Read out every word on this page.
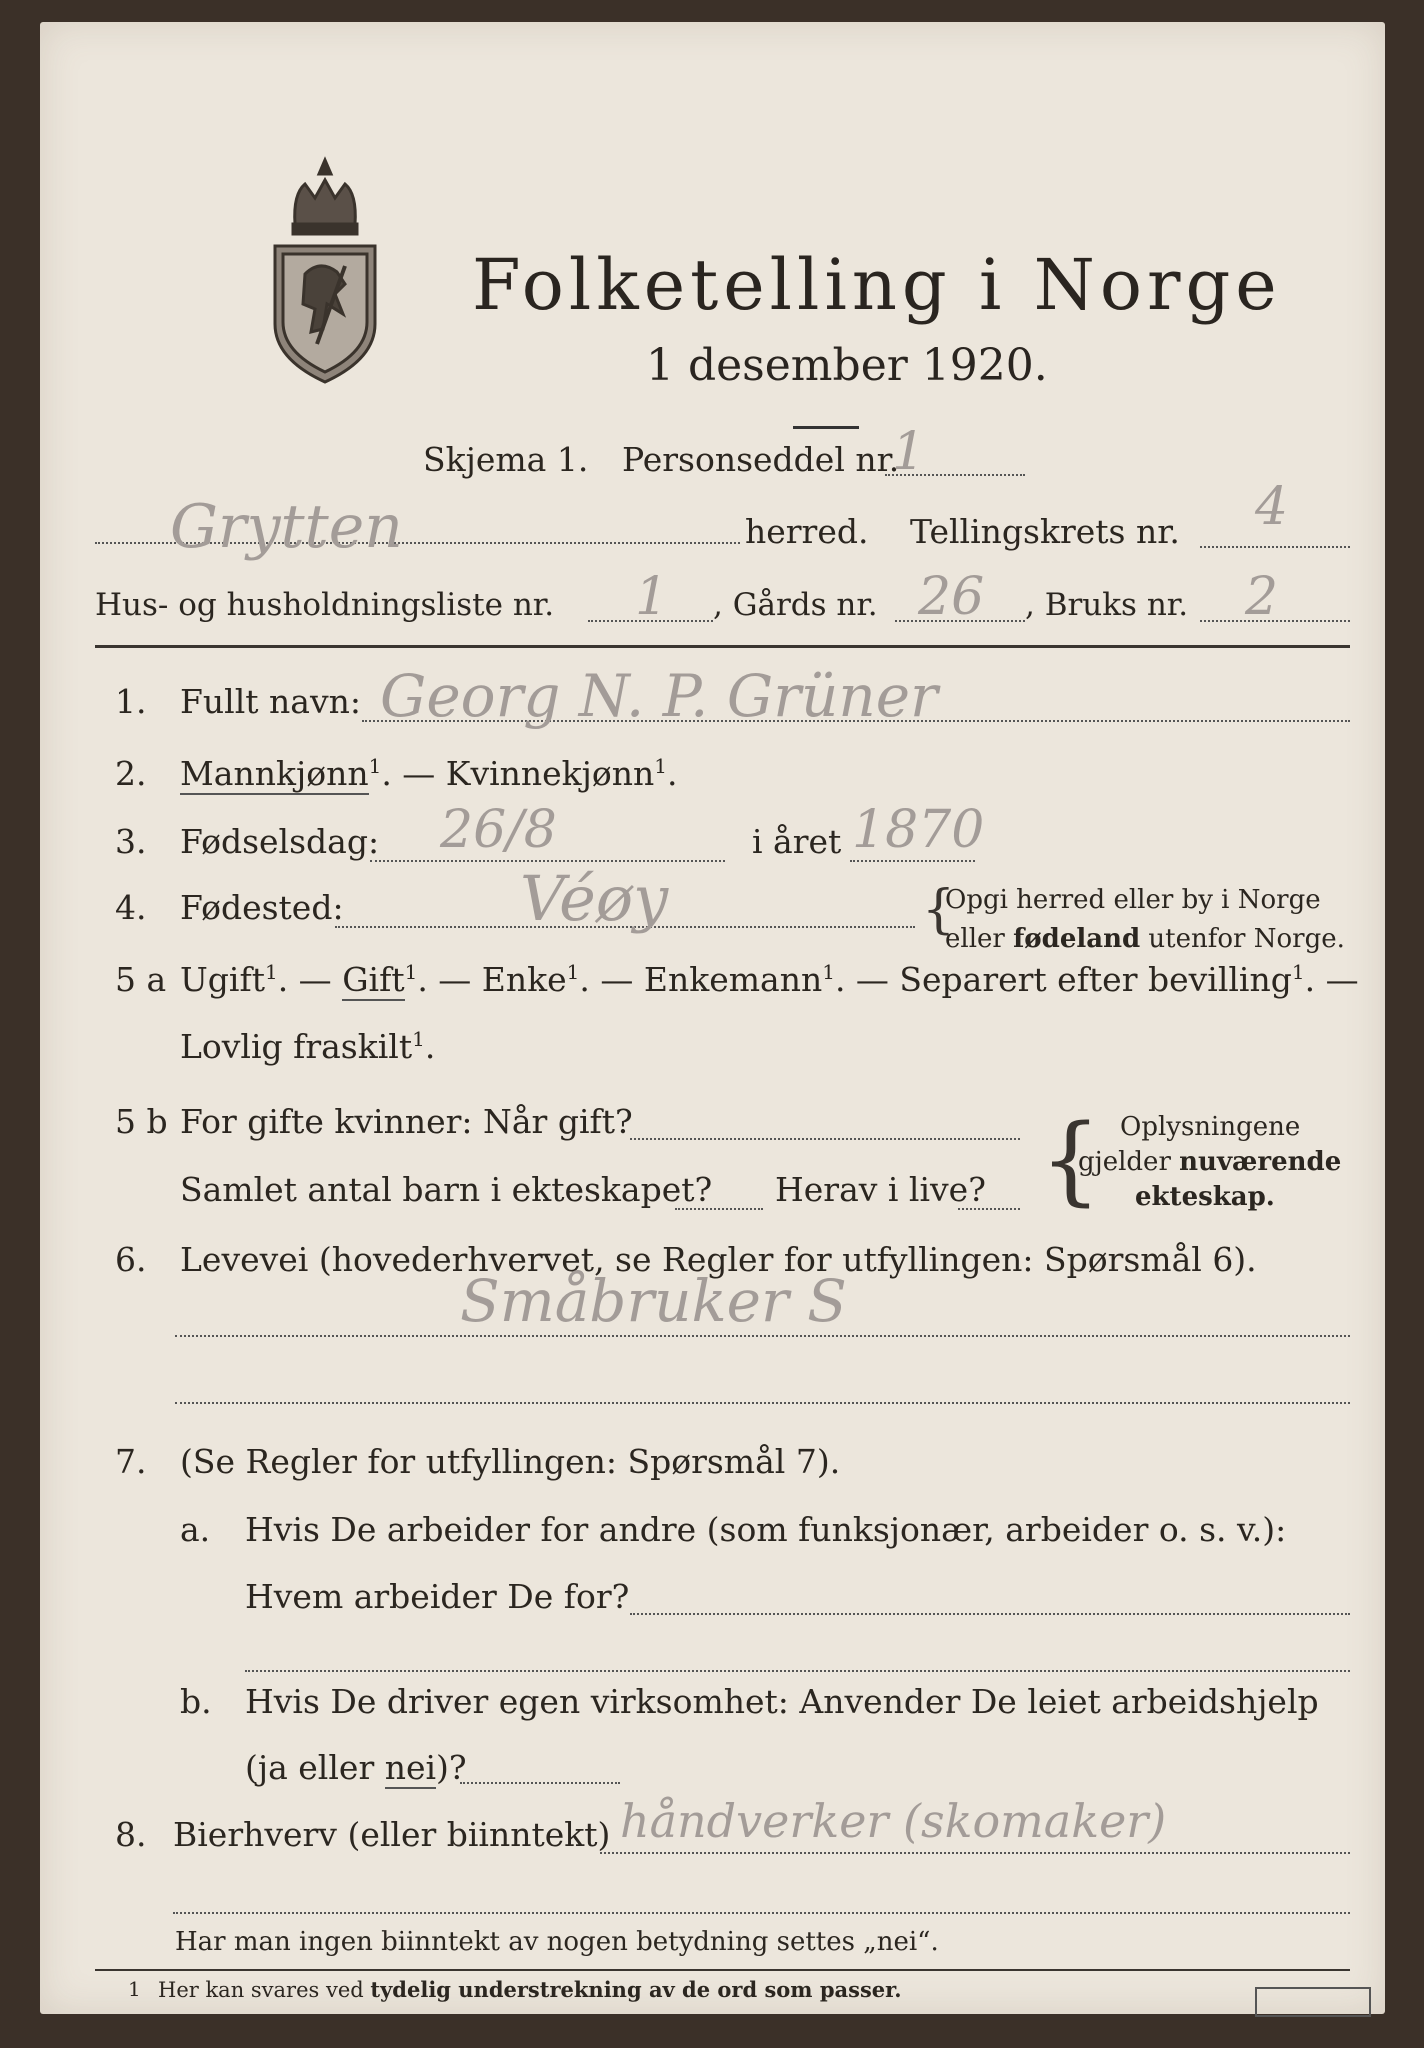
Folketelling i Norge
1 desember 1920.
Skjema 1. Personseddel nr.
1
Grytten	herred. Tellingskrets nr. 4
Hus- og husholdningsliste nr. 1 , Gårds nr. 26 , Bruks nr. 2
1. Fullt navn: Georg N. P. Grüner
2. Mannkjønn$^1$. — Kvinnekjønn$^1$.
3. Fødselsdag: 26/8	i året 1870
4. Fødested:	Véøy	{
Opgi herred eller by i Norge
eller fødeland utenfor Norge.
5 a Ugift$^1$. — Gift$^1$. — Enke$^1$. — Enkemann$^1$. — Separert efter bevilling$^1$. —
Lovlig fraskilt$^1$.
5 b For gifte kvinner: Når gift?
Samlet antal barn i ekteskapet? Herav i live? { Oplysningene
gjelder nuværende
ekteskap.
6. Levevei (hovederhvervet, se Regler for utfyllingen: Spørsmål 6).
Småbruker S
7. (Se Regler for utfyllingen: Spørsmål 7).
a. Hvis De arbeider for andre (som funksjonær, arbeider o. s. v.):
Hvem arbeider De for?
b. Hvis De driver egen virksomhet: Anvender De leiet arbeidshjelp
(ja eller nei)?
8. Bierhverv (eller biinntekt) håndverker (skomaker)
Har man ingen biinntekt av nogen betydning settes „nei“.
1 Her kan svares ved tydelig understrekning av de ord som passer.
